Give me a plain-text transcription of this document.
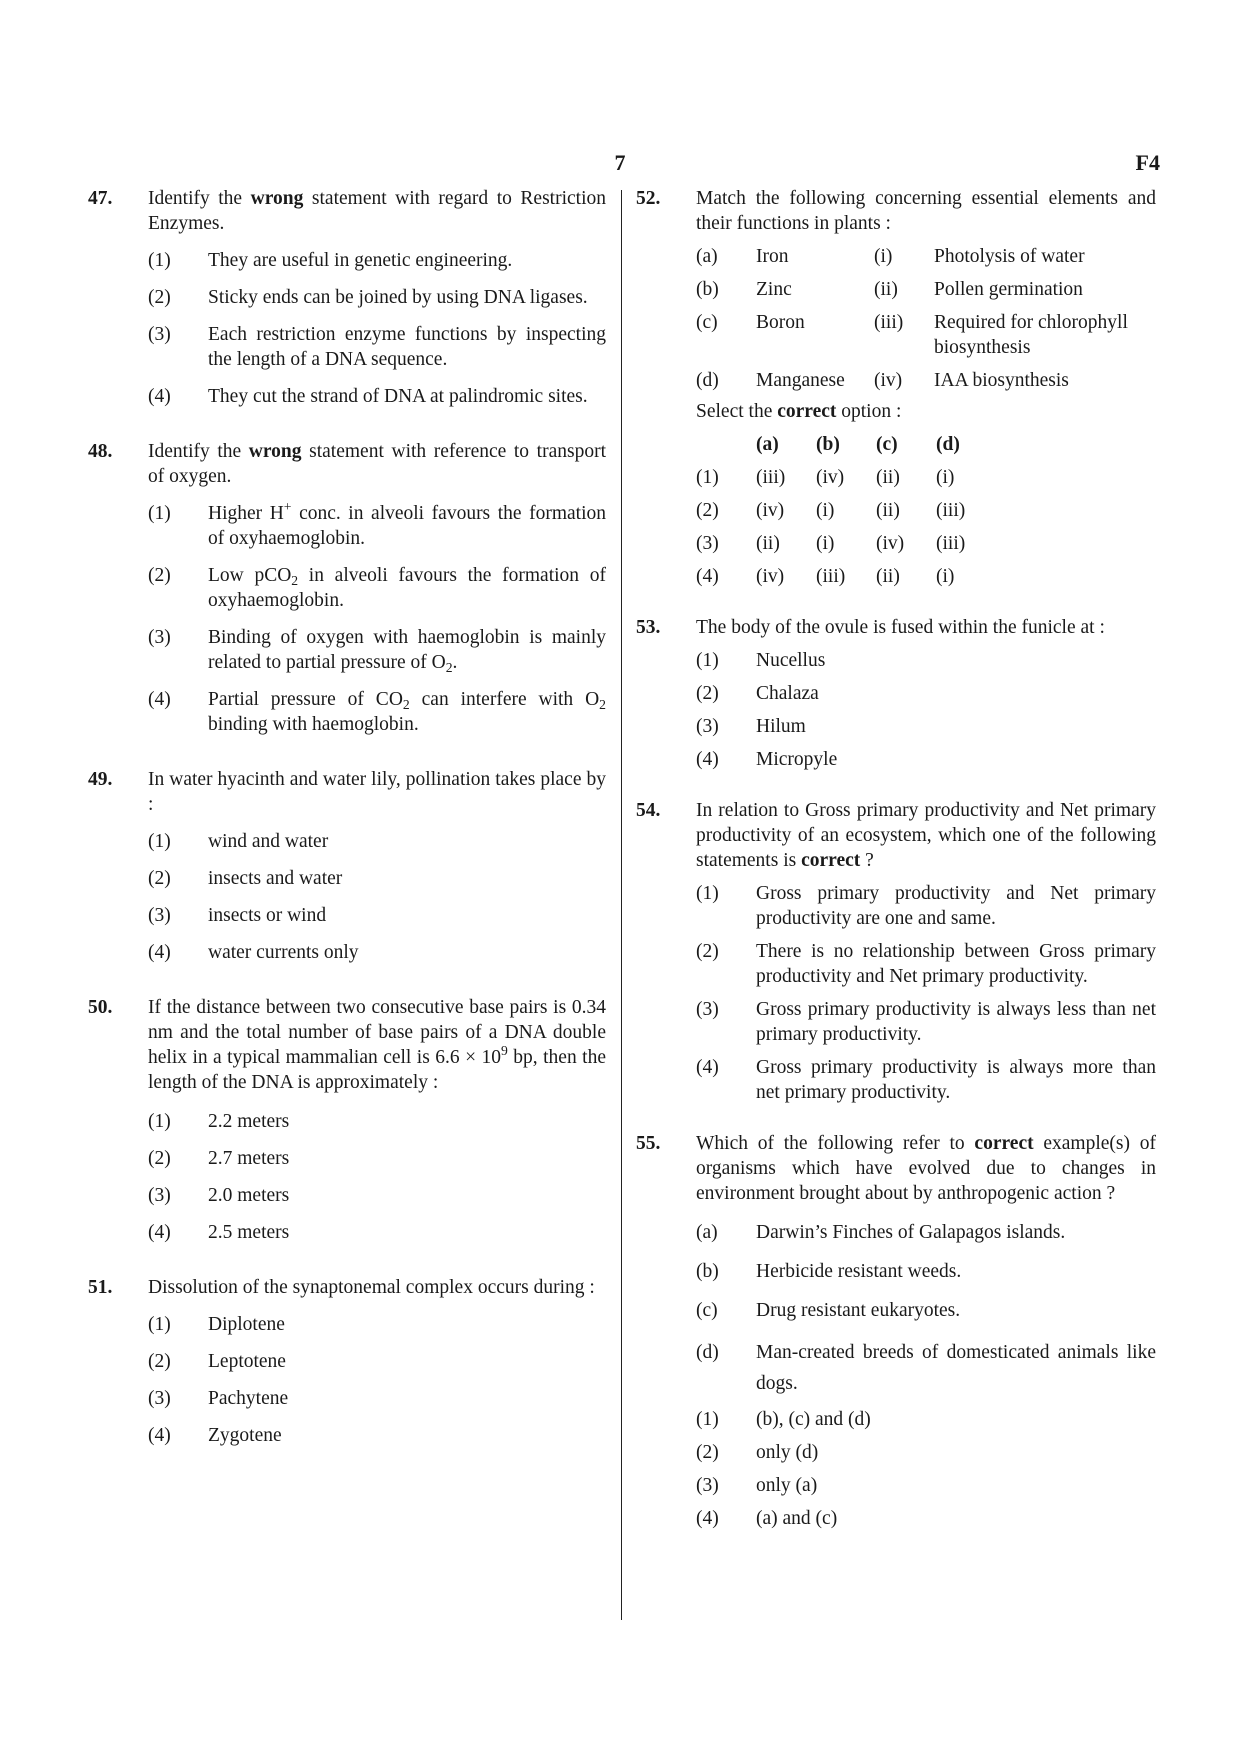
7	F4
47. Identify the wrong statement with regard to Restriction Enzymes.
(1) They are useful in genetic engineering.
(2) Sticky ends can be joined by using DNA ligases.
(3) Each restriction enzyme functions by inspecting the length of a DNA sequence.
(4) They cut the strand of DNA at palindromic sites.
48. Identify the wrong statement with reference to transport of oxygen.
(1) Higher H+ conc. in alveoli favours the formation of oxyhaemoglobin.
(2) Low pCO$_2$ in alveoli favours the formation of oxyhaemoglobin.
(3) Binding of oxygen with haemoglobin is mainly related to partial pressure of $O_2$.
(4) Partial pressure of $CO_2$ can interfere with $O_2$ binding with haemoglobin.
49. In water hyacinth and water lily, pollination takes place by :
(1) wind and water
(2) insects and water
(3) insects or wind
(4) water currents only
50. If the distance between two consecutive base pairs is 0.34 nm and the total number of base pairs of a DNA double helix in a typical mammalian cell is $6.6 \times 10^9$ bp, then the length of the DNA is approximately :
(1) 2.2 meters
(2) 2.7 meters
(3) 2.0 meters
(4) 2.5 meters
51. Dissolution of the synaptonemal complex occurs during :
(1) Diplotene
(2) Leptotene
(3) Pachytene
(4) Zygotene
52. Match the following concerning essential elements and their functions in plants :
(a)	Iron	(i)	Photolysis of water
(b)	Zinc	(ii)	Pollen germination
(c)	Boron	(iii)	Required for chlorophyll biosynthesis
(d)	Manganese	(iv)	IAA biosynthesis
Select the correct option :
(a)	(b)	(c)	(d)
(1)	(iii)	(iv)	(ii)	(i)
(2)	(iv)	(i)	(ii)	(iii)
(3)	(ii)	(i)	(iv)	(iii)
(4)	(iv)	(iii)	(ii)	(i)
53. The body of the ovule is fused within the funicle at :
(1) Nucellus
(2) Chalaza
(3) Hilum
(4) Micropyle
54. In relation to Gross primary productivity and Net primary productivity of an ecosystem, which one of the following statements is correct ?
(1) Gross primary productivity and Net primary productivity are one and same.
(2) There is no relationship between Gross primary productivity and Net primary productivity.
(3) Gross primary productivity is always less than net primary productivity.
(4) Gross primary productivity is always more than net primary productivity.
55. Which of the following refer to correct example(s) of organisms which have evolved due to changes in environment brought about by anthropogenic action ?
(a) Darwin’s Finches of Galapagos islands.
(b) Herbicide resistant weeds.
(c) Drug resistant eukaryotes.
(d) Man-created breeds of domesticated animals like dogs.
(1) (b), (c) and (d)
(2) only (d)
(3) only (a)
(4) (a) and (c)
